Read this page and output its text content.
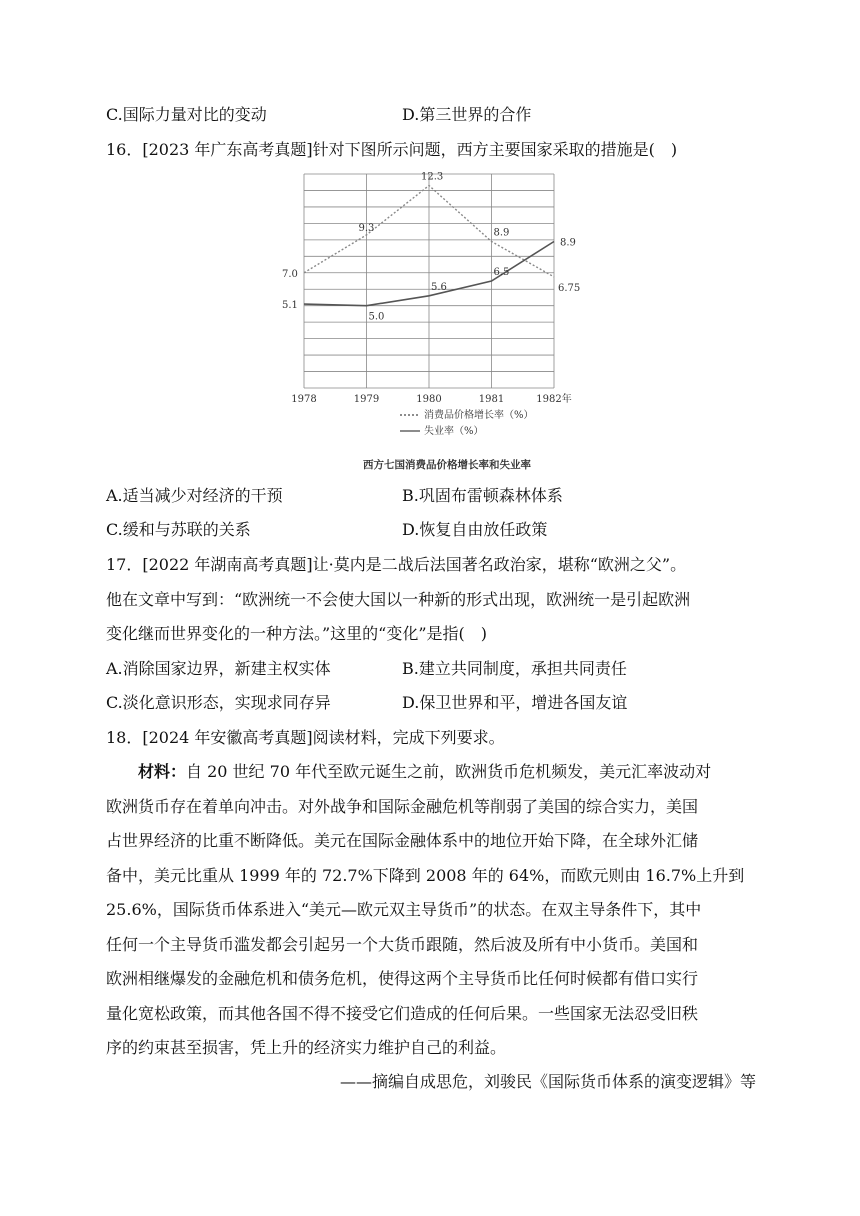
C.国际力量对比的变动	D.第三世界的合作
16．[2023 年广东高考真题]针对下图所示问题，西方主要国家采取的措施是(　)
1978	1979	1980	1981	1982年
7.0
9.3
12.3
8.9
6.75
5.1
5.0
5.6
6.5
8.9
消费品价格增长率（%）
失业率（%）
西方七国消费品价格增长率和失业率
A.适当减少对经济的干预	B.巩固布雷顿森林体系
C.缓和与苏联的关系	D.恢复自由放任政策
17．[2022 年湖南高考真题]让·莫内是二战后法国著名政治家，堪称“欧洲之父”。
他在文章中写到：“欧洲统一不会使大国以一种新的形式出现，欧洲统一是引起欧洲
变化继而世界变化的一种方法。”这里的“变化”是指(　)
A.消除国家边界，新建主权实体	B.建立共同制度，承担共同责任
C.淡化意识形态，实现求同存异	D.保卫世界和平，增进各国友谊
18．[2024 年安徽高考真题]阅读材料，完成下列要求。
材料：自 20 世纪 70 年代至欧元诞生之前，欧洲货币危机频发，美元汇率波动对
欧洲货币存在着单向冲击。对外战争和国际金融危机等削弱了美国的综合实力，美国
占世界经济的比重不断降低。美元在国际金融体系中的地位开始下降，在全球外汇储
备中，美元比重从 1999 年的 72.7%下降到 2008 年的 64%，而欧元则由 16.7%上升到
25.6%，国际货币体系进入“美元—欧元双主导货币”的状态。在双主导条件下，其中
任何一个主导货币滥发都会引起另一个大货币跟随，然后波及所有中小货币。美国和
欧洲相继爆发的金融危机和债务危机，使得这两个主导货币比任何时候都有借口实行
量化宽松政策，而其他各国不得不接受它们造成的任何后果。一些国家无法忍受旧秩
序的约束甚至损害，凭上升的经济实力维护自己的利益。
——摘编自成思危，刘骏民《国际货币体系的演变逻辑》等
